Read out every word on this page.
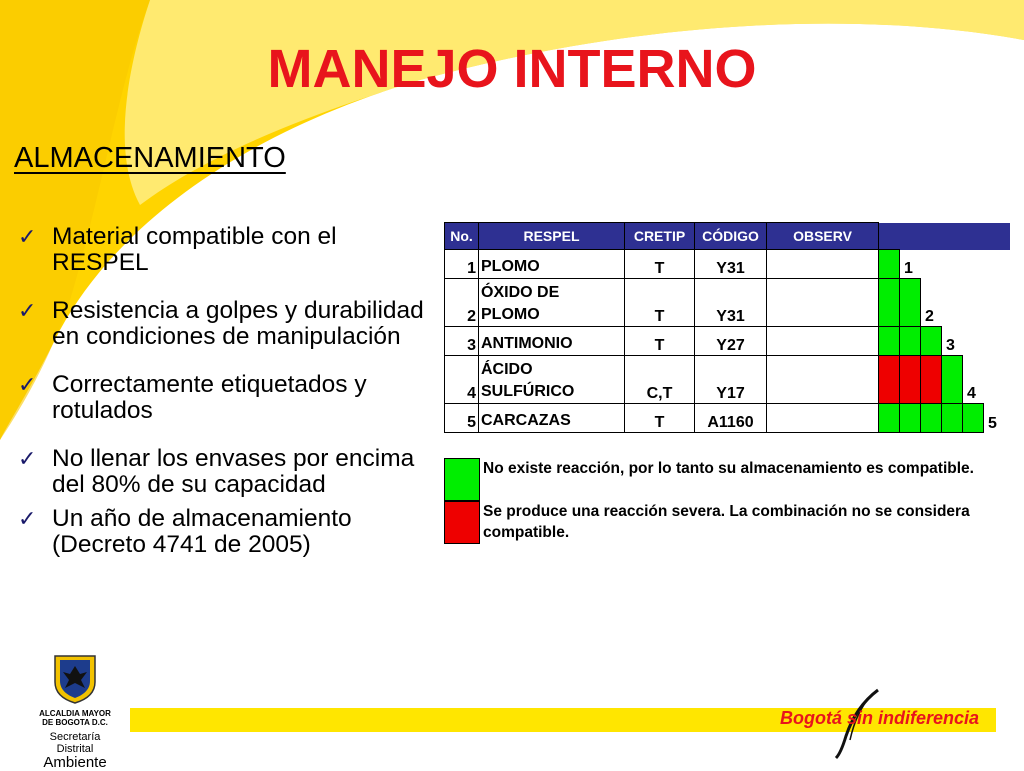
MANEJO INTERNO
ALMACENAMIENTO
✓ Material compatible con el RESPEL
✓ Resistencia a golpes y durabilidad en condiciones de manipulación
✓ Correctamente etiquetados y rotulados
✓ No llenar los envases por encima del 80% de su capacidad
✓ Un año de almacenamiento (Decreto 4741 de 2005)
No.	RESPEL	CRETIP	CÓDIGO	OBSERV						
1	PLOMO	T	Y31			1				
2	ÓXIDO DE PLOMO	T	Y31				2			
3	ANTIMONIO	T	Y27					3		
4	ÁCIDO SULFÚRICO	C,T	Y17						4	
5	CARCAZAS	T	A1160							5
No existe reacción, por lo tanto su almacenamiento es compatible.
Se produce una reacción severa. La combinación no se considera compatible.
ALCALDIA MAYOR
DE BOGOTA D.C.
Secretaría Distrital
Ambiente
Bogotá sin indiferencia
